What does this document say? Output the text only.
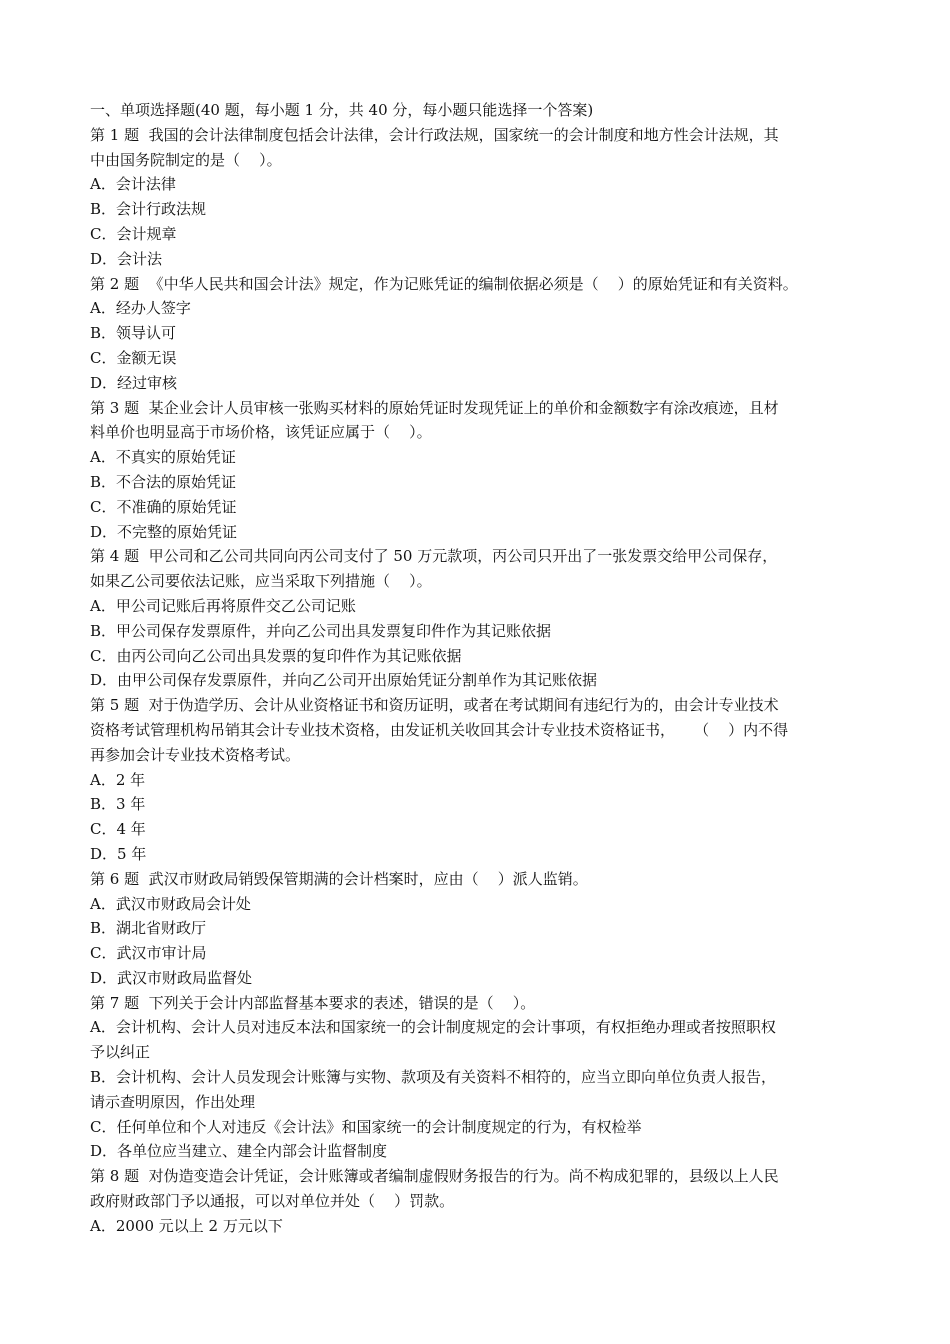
一、单项选择题(40 题，每小题 1 分，共 40 分，每小题只能选择一个答案)
第 1 题  我国的会计法律制度包括会计法律，会计行政法规，国家统一的会计制度和地方性会计法规，其
中由国务院制定的是（    ）。
A．会计法律
B．会计行政法规
C．会计规章
D．会计法
第 2 题  《中华人民共和国会计法》规定，作为记账凭证的编制依据必须是（    ）的原始凭证和有关资料。
A．经办人签字
B．领导认可
C．金额无误
D．经过审核
第 3 题  某企业会计人员审核一张购买材料的原始凭证时发现凭证上的单价和金额数字有涂改痕迹，且材
料单价也明显高于市场价格，该凭证应属于（    ）。
A．不真实的原始凭证
B．不合法的原始凭证
C．不准确的原始凭证
D．不完整的原始凭证
第 4 题  甲公司和乙公司共同向丙公司支付了 50 万元款项，丙公司只开出了一张发票交给甲公司保存，
如果乙公司要依法记账，应当采取下列措施（    ）。
A．甲公司记账后再将原件交乙公司记账
B．甲公司保存发票原件，并向乙公司出具发票复印件作为其记账依据
C．由丙公司向乙公司出具发票的复印件作为其记账依据
D．由甲公司保存发票原件，并向乙公司开出原始凭证分割单作为其记账依据
第 5 题  对于伪造学历、会计从业资格证书和资历证明，或者在考试期间有违纪行为的，由会计专业技术
资格考试管理机构吊销其会计专业技术资格，由发证机关收回其会计专业技术资格证书，    （    ）内不得
再参加会计专业技术资格考试。
A．2 年
B．3 年
C．4 年
D．5 年
第 6 题  武汉市财政局销毁保管期满的会计档案时，应由（    ）派人监销。
A．武汉市财政局会计处
B．湖北省财政厅
C．武汉市审计局
D．武汉市财政局监督处
第 7 题  下列关于会计内部监督基本要求的表述，错误的是（    ）。
A．会计机构、会计人员对违反本法和国家统一的会计制度规定的会计事项，有权拒绝办理或者按照职权
予以纠正
B．会计机构、会计人员发现会计账簿与实物、款项及有关资料不相符的，应当立即向单位负责人报告，
请示查明原因，作出处理
C．任何单位和个人对违反《会计法》和国家统一的会计制度规定的行为，有权检举
D．各单位应当建立、建全内部会计监督制度
第 8 题  对伪造变造会计凭证，会计账簿或者编制虚假财务报告的行为。尚不构成犯罪的，县级以上人民
政府财政部门予以通报，可以对单位并处（    ）罚款。
A．2000 元以上 2 万元以下
